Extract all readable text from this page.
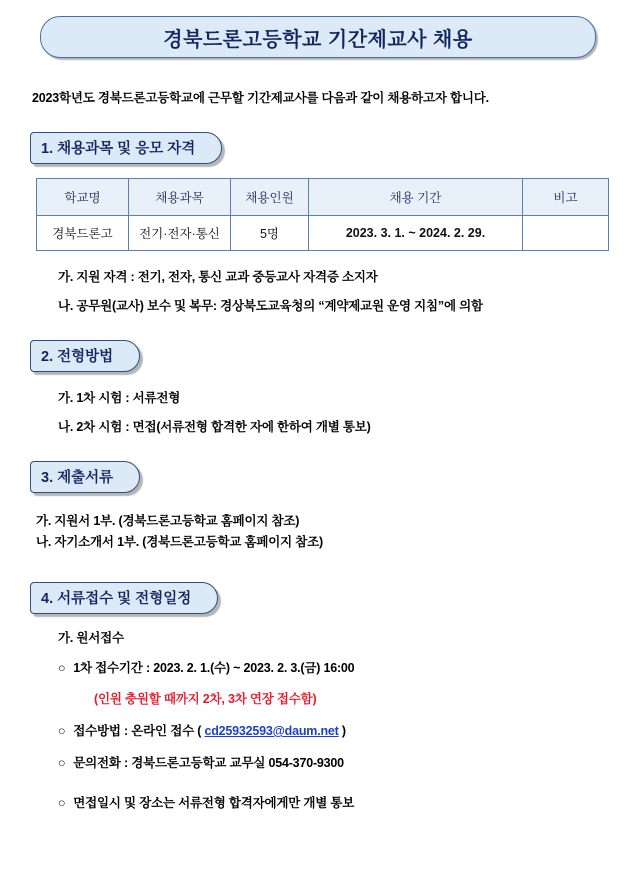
경북드론고등학교 기간제교사 채용
2023학년도 경북드론고등학교에 근무할 기간제교사를 다음과 같이 채용하고자 합니다.
1. 채용과목 및 응모 자격
학교명	채용과목	채용인원	채용 기간	비고
경북드론고	전기·전자·통신	5명	2023. 3. 1. ~ 2024. 2. 29.	
가. 지원 자격 : 전기, 전자, 통신 교과 중등교사 자격증 소지자
나. 공무원(교사) 보수 및 복무: 경상북도교육청의 “계약제교원 운영 지침”에 의함
2. 전형방법
가. 1차 시험 : 서류전형
나. 2차 시험 : 면접(서류전형 합격한 자에 한하여 개별 통보)
3. 제출서류
가. 지원서 1부. (경북드론고등학교 홈페이지 참조)
나. 자기소개서 1부. (경북드론고등학교 홈페이지 참조)
4. 서류접수 및 전형일정
가. 원서접수
○ 1차 접수기간 : 2023. 2. 1.(수) ~ 2023. 2. 3.(금) 16:00
(인원 충원할 때까지 2차, 3차 연장 접수함)
○ 접수방법 : 온라인 접수 ( cd25932593@daum.net )
○ 문의전화 : 경북드론고등학교 교무실 054-370-9300
○ 면접일시 및 장소는 서류전형 합격자에게만 개별 통보
